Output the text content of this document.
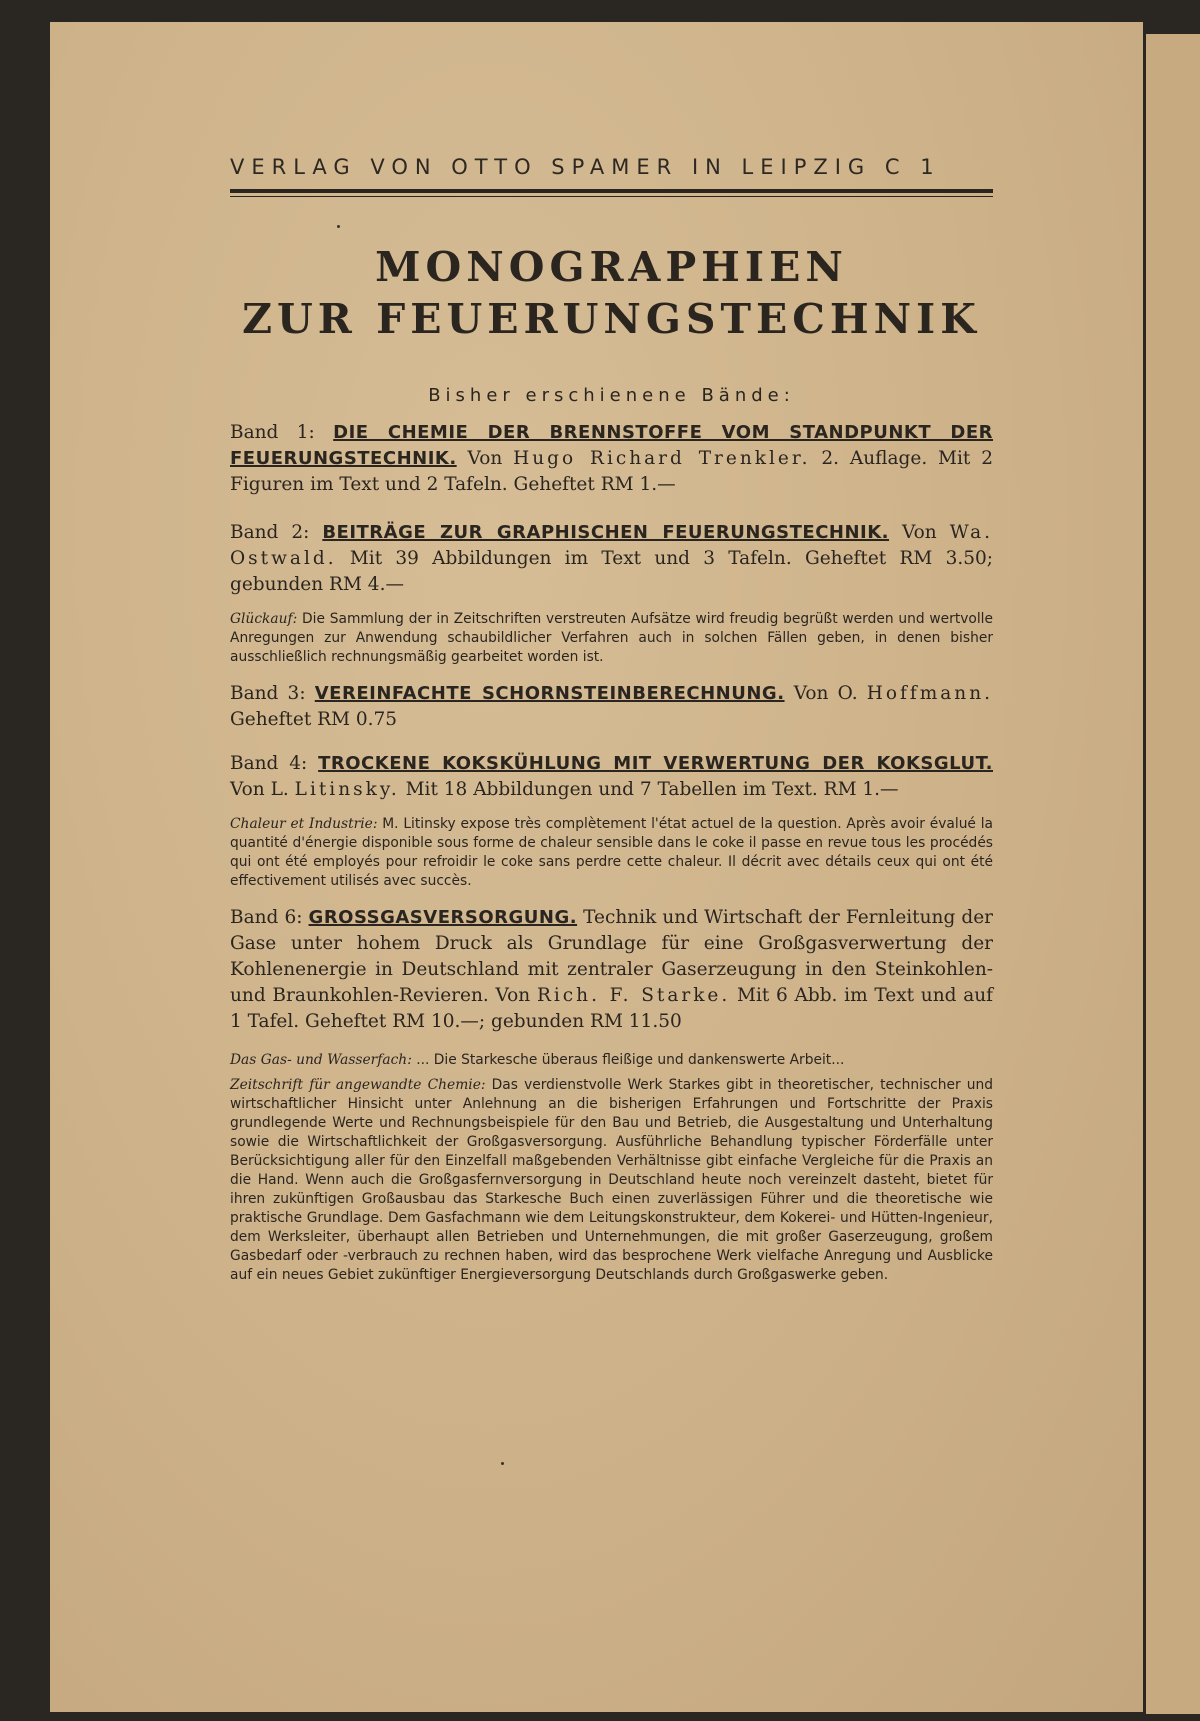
VERLAG VON OTTO SPAMER IN LEIPZIG C 1
MONOGRAPHIEN
ZUR FEUERUNGSTECHNIK
Bisher erschienene Bände:
Band 1: DIE CHEMIE DER BRENNSTOFFE VOM STANDPUNKT DER FEUERUNGSTECHNIK. Von Hugo Richard Trenkler. 2. Auflage. Mit 2 Figuren im Text und 2 Tafeln. Geheftet RM 1.—
Band 2: BEITRÄGE ZUR GRAPHISCHEN FEUERUNGSTECHNIK. Von Wa. Ostwald. Mit 39 Abbildungen im Text und 3 Tafeln. Geheftet RM 3.50; gebunden RM 4.—
Glückauf: Die Sammlung der in Zeitschriften verstreuten Aufsätze wird freudig begrüßt werden und wertvolle Anregungen zur Anwendung schaubildlicher Verfahren auch in solchen Fällen geben, in denen bisher ausschließlich rechnungsmäßig gearbeitet worden ist.
Band 3: VEREINFACHTE SCHORNSTEINBERECHNUNG. Von O. Hoffmann. Geheftet RM 0.75
Band 4: TROCKENE KOKSKÜHLUNG MIT VERWERTUNG DER KOKSGLUT. Von L. Litinsky. Mit 18 Abbildungen und 7 Tabellen im Text. RM 1.—
Chaleur et Industrie: M. Litinsky expose très complètement l'état actuel de la question. Après avoir évalué la quantité d'énergie disponible sous forme de chaleur sensible dans le coke il passe en revue tous les procédés qui ont été employés pour refroidir le coke sans perdre cette chaleur. Il décrit avec détails ceux qui ont été effectivement utilisés avec succès.
Band 6: GROSSGASVERSORGUNG. Technik und Wirtschaft der Fernleitung der Gase unter hohem Druck als Grundlage für eine Großgasverwertung der Kohlenenergie in Deutschland mit zentraler Gaserzeugung in den Steinkohlen- und Braunkohlen-Revieren. Von Rich. F. Starke. Mit 6 Abb. im Text und auf 1 Tafel. Geheftet RM 10.—; gebunden RM 11.50
Das Gas- und Wasserfach: ... Die Starkesche überaus fleißige und dankenswerte Arbeit...
Zeitschrift für angewandte Chemie: Das verdienstvolle Werk Starkes gibt in theoretischer, technischer und wirtschaftlicher Hinsicht unter Anlehnung an die bisherigen Erfahrungen und Fortschritte der Praxis grundlegende Werte und Rechnungsbeispiele für den Bau und Betrieb, die Ausgestaltung und Unterhaltung sowie die Wirtschaftlichkeit der Großgasversorgung. Ausführliche Behandlung typischer Förderfälle unter Berücksichtigung aller für den Einzelfall maßgebenden Verhältnisse gibt einfache Vergleiche für die Praxis an die Hand. Wenn auch die Großgasfernversorgung in Deutschland heute noch vereinzelt dasteht, bietet für ihren zukünftigen Großausbau das Starkesche Buch einen zuverlässigen Führer und die theoretische wie praktische Grundlage. Dem Gasfachmann wie dem Leitungskonstrukteur, dem Kokerei- und Hütten-Ingenieur, dem Werksleiter, überhaupt allen Betrieben und Unternehmungen, die mit großer Gaserzeugung, großem Gasbedarf oder -verbrauch zu rechnen haben, wird das besprochene Werk vielfache Anregung und Ausblicke auf ein neues Gebiet zukünftiger Energieversorgung Deutschlands durch Großgaswerke geben.
